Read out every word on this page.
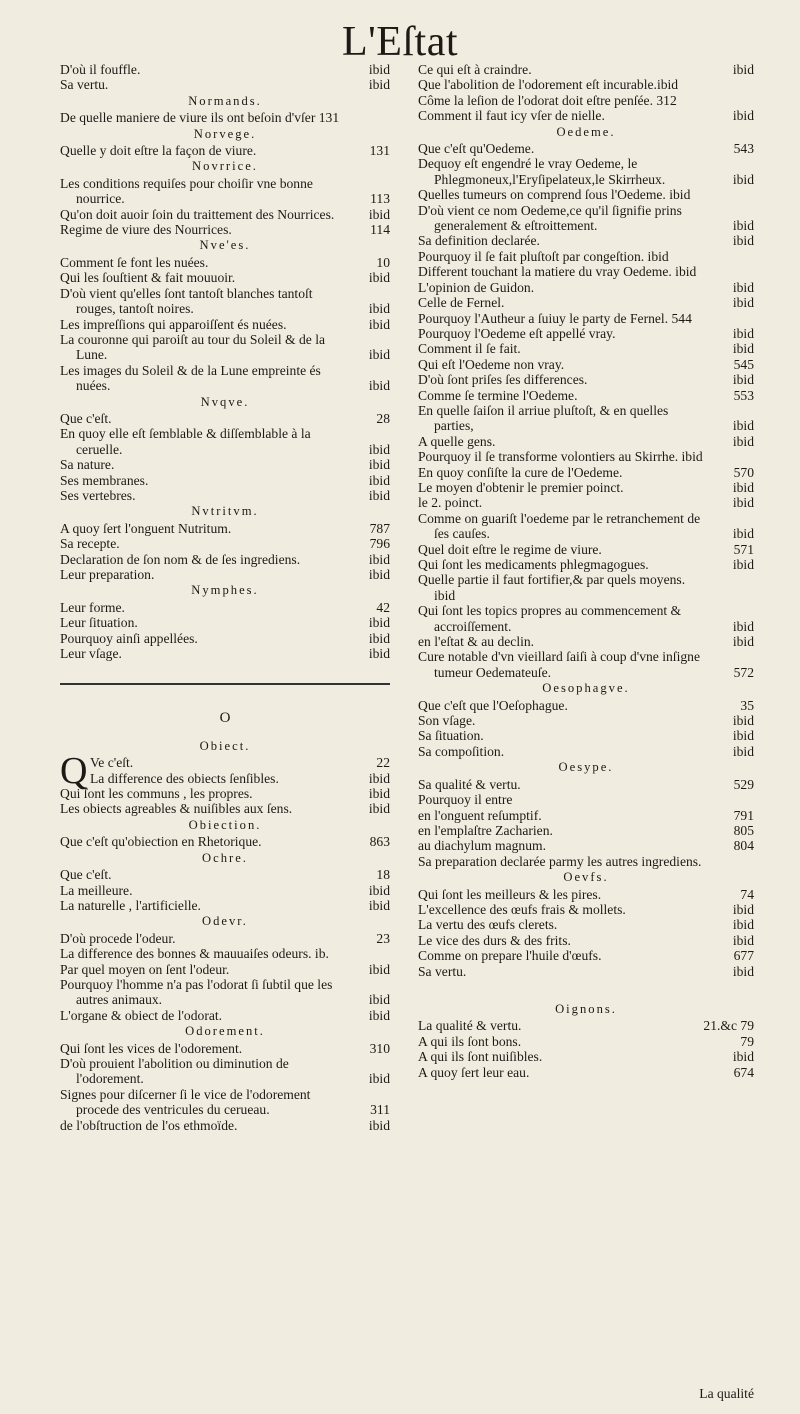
L'Eſtat
D'où il fouffle.	ibid
Sa vertu.	ibid
Normands.
De quelle maniere de viure ils ont beſoin d'vſer 131
Norvege.
Quelle y doit eſtre la façon de viure.	131
Novrrice.
Les conditions requiſes pour choiſir vne bonne nourrice.	113
Qu'on doit auoir ſoin du traittement des Nourrices.	ibid
Regime de viure des Nourrices.	114
Nve'es.
Comment ſe font les nuées.	10
Qui les ſouſtient & fait mouuoir.	ibid
D'où vient qu'elles ſont tantoſt blanches tantoſt rouges, tantoſt noires.	ibid
Les impreſſions qui apparoiſſent és nuées.	ibid
La couronne qui paroiſt au tour du Soleil & de la Lune.	ibid
Les images du Soleil & de la Lune empreinte és nuées.	ibid
Nvqve.
Que c'eſt.	28
En quoy elle eſt ſemblable & diſſemblable à la ceruelle.	ibid
Sa nature.	ibid
Ses membranes.	ibid
Ses vertebres.	ibid
Nvtritvm.
A quoy ſert l'onguent Nutritum.	787
Sa recepte.	796
Declaration de ſon nom & de ſes ingrediens.	ibid
Leur preparation.	ibid
Nymphes.
Leur forme.	42
Leur ſituation.	ibid
Pourquoy ainſi appellées.	ibid
Leur vſage.	ibid
O
Obiect.
Q Ve c'eſt.	22
La difference des obiects ſenſibles.	ibid
Qui ſont les communs , les propres.	ibid
Les obiects agreables & nuiſibles aux ſens.	ibid
Obiection.
Que c'eſt qu'obiection en Rhetorique.	863
Ochre.
Que c'eſt.	18
La meilleure.	ibid
La naturelle , l'artificielle.	ibid
Odevr.
D'où procede l'odeur.	23
La difference des bonnes & mauuaiſes odeurs. ib.
Par quel moyen on ſent l'odeur.	ibid
Pourquoy l'homme n'a pas l'odorat ſi ſubtil que les autres animaux.	ibid
L'organe & obiect de l'odorat.	ibid
Odorement.
Qui ſont les vices de l'odorement.	310
D'où prouient l'abolition ou diminution de l'odorement.	ibid
Signes pour diſcerner ſi le vice de l'odorement procede des ventricules du cerueau.	311
de l'obſtruction de l'os ethmoïde.	ibid
Ce qui eſt à craindre.	ibid
Que l'abolition de l'odorement eſt incurable.ibid
Côme la leſion de l'odorat doit eſtre penſée. 312
Comment il faut icy vſer de nielle.	ibid
Oedeme.
Que c'eſt qu'Oedeme.	543
Dequoy eſt engendré le vray Oedeme, le Phlegmoneux,l'Eryſipelateux,le Skirrheux.	ibid
Quelles tumeurs on comprend ſous l'Oedeme. ibid
D'où vient ce nom Oedeme,ce qu'il ſignifie prins generalement & eſtroittement.	ibid
Sa definition declarée.	ibid
Pourquoy il ſe fait pluſtoſt par congeſtion. ibid
Different touchant la matiere du vray Oedeme. ibid
L'opinion de Guidon.	ibid
Celle de Fernel.	ibid
Pourquoy l'Autheur a ſuiuy le party de Fernel. 544
Pourquoy l'Oedeme eſt appellé vray.	ibid
Comment il ſe fait.	ibid
Qui eſt l'Oedeme non vray.	545
D'où ſont priſes ſes differences.	ibid
Comme ſe termine l'Oedeme.	553
En quelle ſaiſon il arriue pluſtoſt, & en quelles parties,	ibid
A quelle gens.	ibid
Pourquoy il ſe transforme volontiers au Skirrhe. ibid
En quoy conſiſte la cure de l'Oedeme.	570
Le moyen d'obtenir le premier poinct.	ibid
le 2. poinct.	ibid
Comme on guariſt l'oedeme par le retranchement de ſes cauſes.	ibid
Quel doit eſtre le regime de viure.	571
Qui ſont les medicaments phlegmagogues.	ibid
Quelle partie il faut fortifier,& par quels moyens. ibid
Qui ſont les topics propres au commencement & accroiſſement.	ibid
en l'eſtat & au declin.	ibid
Cure notable d'vn vieillard ſaiſi à coup d'vne inſigne tumeur Oedemateuſe.	572
Oesophagve.
Que c'eſt que l'Oeſophague.	35
Son vſage.	ibid
Sa ſituation.	ibid
Sa compoſition.	ibid
Oesype.
Sa qualité & vertu.	529
Pourquoy il entre
en l'onguent reſumptif.	791
en l'emplaſtre Zacharien.	805
au diachylum magnum.	804
Sa preparation declarée parmy les autres ingrediens.
Oevfs.
Qui ſont les meilleurs & les pires.	74
L'excellence des œufs frais & mollets.	ibid
La vertu des œufs clerets.	ibid
Le vice des durs & des frits.	ibid
Comme on prepare l'huile d'œufs.	677
Sa vertu.	ibid
Oignons.
La qualité & vertu.	21.&c 79
A qui ils ſont bons.	79
A qui ils ſont nuiſibles.	ibid
A quoy ſert leur eau.	674
La qualité
